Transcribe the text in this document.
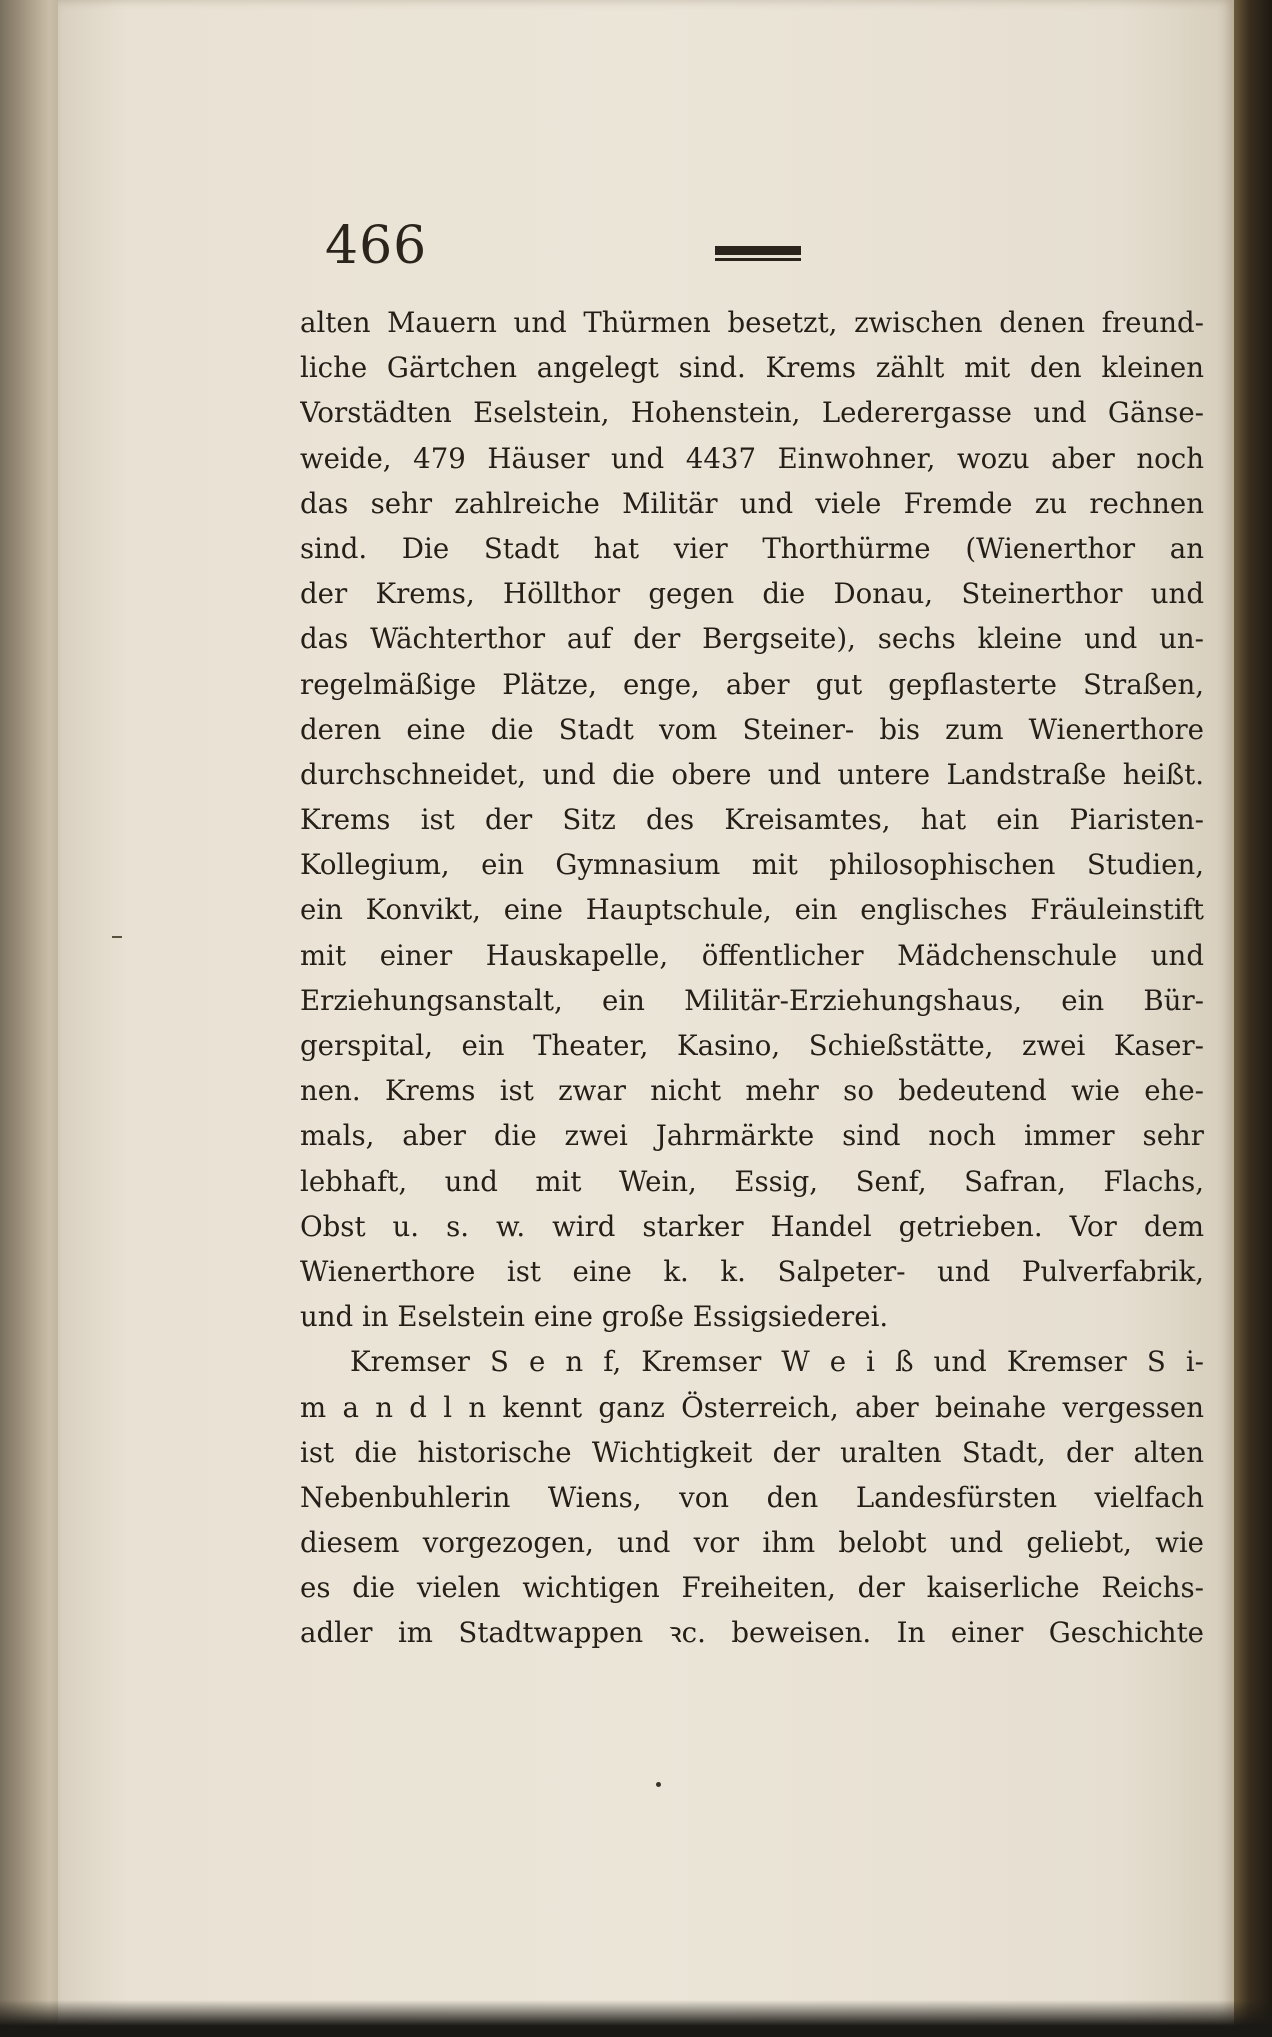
466
alten Mauern und Thürmen besetzt, zwischen denen freund-
liche Gärtchen angelegt sind. Krems zählt mit den kleinen
Vorstädten Eselstein, Hohenstein, Lederergasse und Gänse-
weide, 479 Häuser und 4437 Einwohner, wozu aber noch
das sehr zahlreiche Militär und viele Fremde zu rechnen
sind. Die Stadt hat vier Thorthürme (Wienerthor an
der Krems, Höllthor gegen die Donau, Steinerthor und
das Wächterthor auf der Bergseite), sechs kleine und un-
regelmäßige Plätze, enge, aber gut gepflasterte Straßen,
deren eine die Stadt vom Steiner- bis zum Wienerthore
durchschneidet, und die obere und untere Landstraße heißt.
Krems ist der Sitz des Kreisamtes, hat ein Piaristen-
Kollegium, ein Gymnasium mit philosophischen Studien,
ein Konvikt, eine Hauptschule, ein englisches Fräuleinstift
mit einer Hauskapelle, öffentlicher Mädchenschule und
Erziehungsanstalt, ein Militär-Erziehungshaus, ein Bür-
gerspital, ein Theater, Kasino, Schießstätte, zwei Kaser-
nen. Krems ist zwar nicht mehr so bedeutend wie ehe-
mals, aber die zwei Jahrmärkte sind noch immer sehr
lebhaft, und mit Wein, Essig, Senf, Safran, Flachs,
Obst u. s. w. wird starker Handel getrieben. Vor dem
Wienerthore ist eine k. k. Salpeter- und Pulverfabrik,
und in Eselstein eine große Essigsiederei.
Kremser S e n f, Kremser W e i ß und Kremser S i-
m a n d l n kennt ganz Österreich, aber beinahe vergessen
ist die historische Wichtigkeit der uralten Stadt, der alten
Nebenbuhlerin Wiens, von den Landesfürsten vielfach
diesem vorgezogen, und vor ihm belobt und geliebt, wie
es die vielen wichtigen Freiheiten, der kaiserliche Reichs-
adler im Stadtwappen ꝛc. beweisen. In einer Geschichte
